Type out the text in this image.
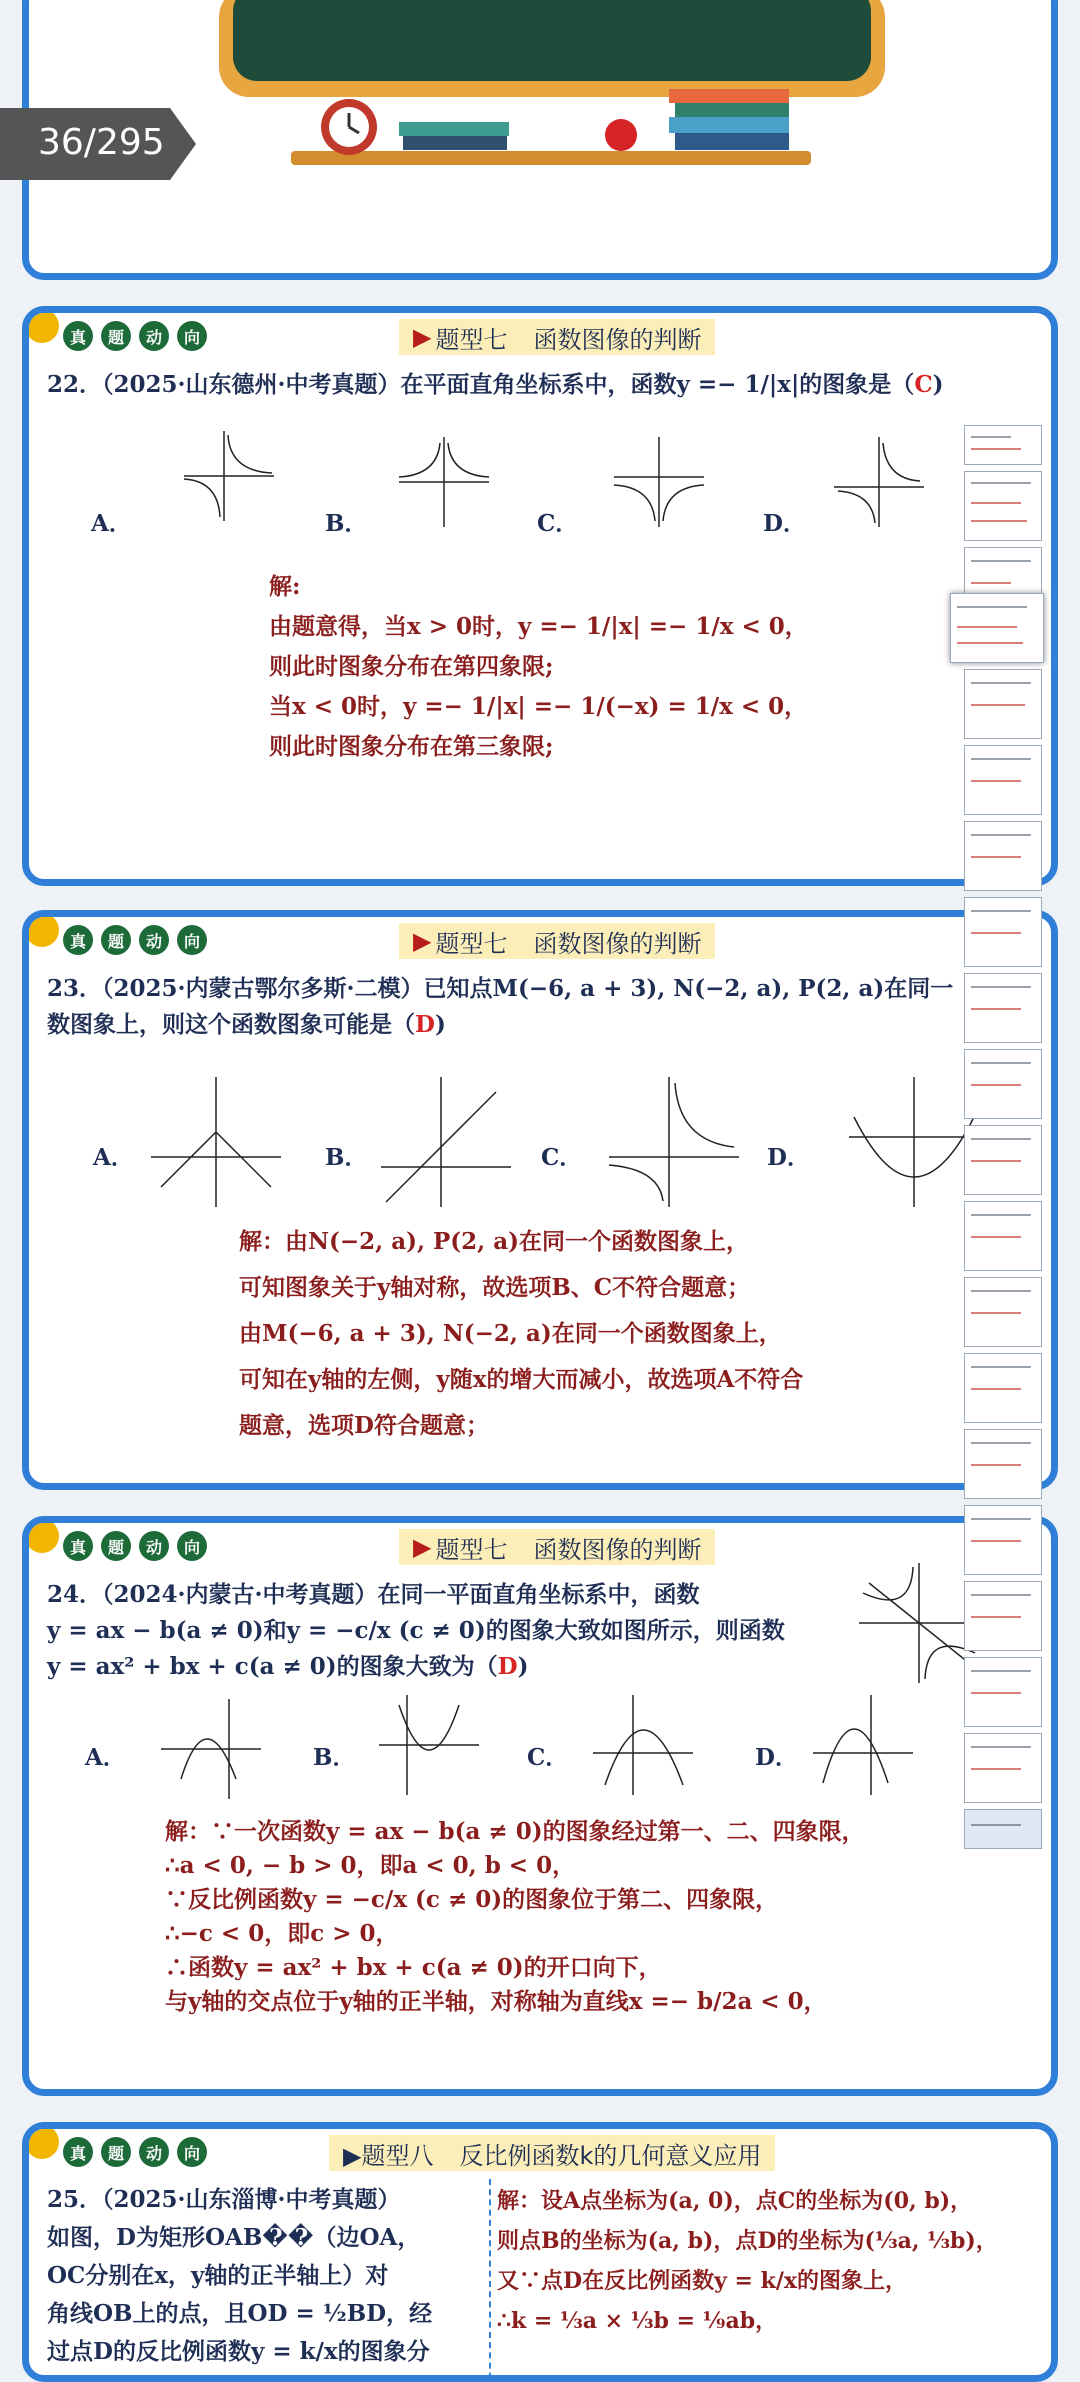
36/295
真	题	动	向	▶ 题型七 函数图像的判断
22．（2025·山东德州·中考真题）在平面直角坐标系中，函数y =− 1/|x|的图象是（C)
A．	B．	C．	D．
解:
由题意得，当x > 0时，y =− 1/|x| =− 1/x < 0，
则此时图象分布在第四象限;
当x < 0时，y =− 1/|x| =− 1/(−x) = 1/x < 0，
则此时图象分布在第三象限;
真	题	动	向	▶ 题型七 函数图像的判断
23．（2025·内蒙古鄂尔多斯·二模）已知点M(−6, a + 3), N(−2, a), P(2, a)在同一
数图象上，则这个函数图象可能是（D)
A．	B．	C．	D．
解：由N(−2, a), P(2, a)在同一个函数图象上，
可知图象关于y轴对称，故选项B、C不符合题意；
由M(−6, a + 3), N(−2, a)在同一个函数图象上，
可知在y轴的左侧，y随x的增大而减小，故选项A不符合
题意，选项D符合题意；
真	题	动	向	▶ 题型七 函数图像的判断
24．（2024·内蒙古·中考真题）在同一平面直角坐标系中，函数
y = ax − b(a ≠ 0)和y = −c/x (c ≠ 0)的图象大致如图所示，则函数
y = ax² + bx + c(a ≠ 0)的图象大致为（D)
A．	B．	C．	D．
解：∵一次函数y = ax − b(a ≠ 0)的图象经过第一、二、四象限，
∴a < 0, − b > 0，即a < 0, b < 0，
∵反比例函数y = −c/x (c ≠ 0)的图象位于第二、四象限，
∴−c < 0，即c > 0，
∴函数y = ax² + bx + c(a ≠ 0)的开口向下，
与y轴的交点位于y轴的正半轴，对称轴为直线x =− b/2a < 0，
真	题	动	向	▶题型八 反比例函数k的几何意义应用
25．（2025·山东淄博·中考真题）
如图，D为矩形OAB��（边OA，
OC分别在x，y轴的正半轴上）对
角线OB上的点，且OD = ½BD，经
过点D的反比例函数y = k/x的图象分
解：设A点坐标为(a, 0)，点C的坐标为(0, b)，
则点B的坐标为(a, b)，点D的坐标为(⅓a, ⅓b)，
又∵点D在反比例函数y = k/x的图象上，
∴k = ⅓a × ⅓b = ⅑ab，
